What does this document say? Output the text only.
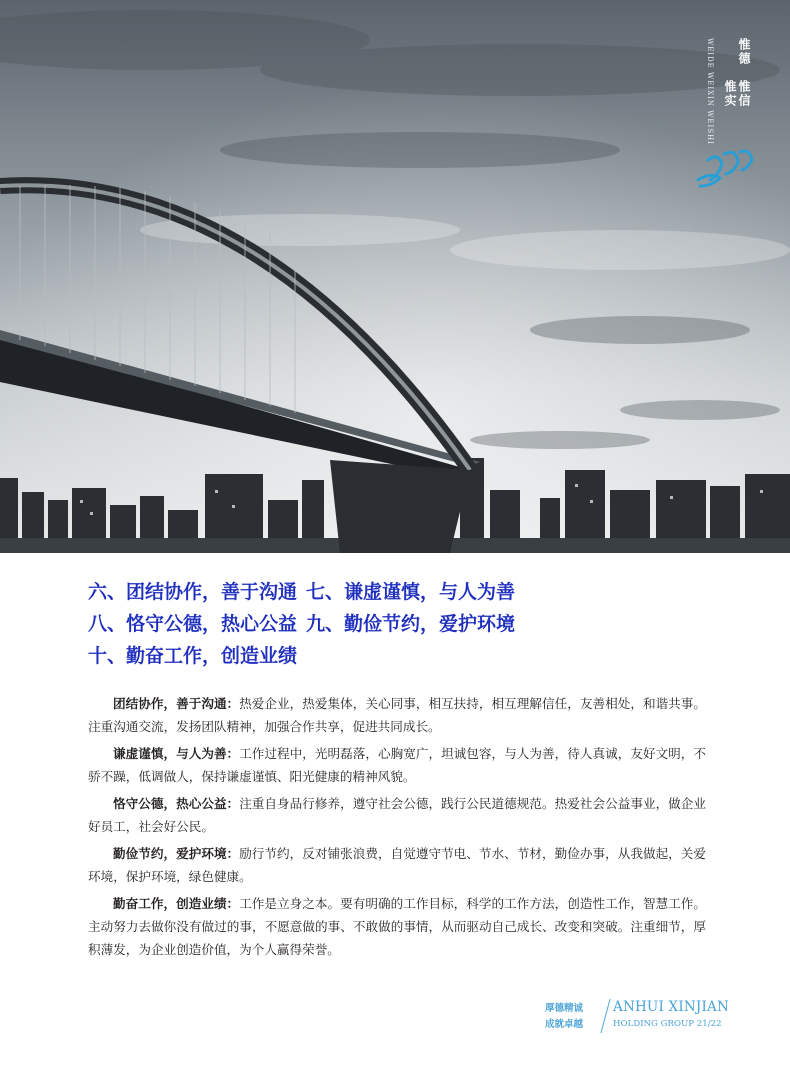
惟德
惟信
惟实
WEIDE WEIXIN WEISHI
六、团结协作，善于沟通 七、谦虚谨慎，与人为善
八、恪守公德，热心公益 九、勤俭节约，爱护环境
十、勤奋工作，创造业绩

团结协作，善于沟通：热爱企业，热爱集体，关心同事，相互扶持，相互理解信任，友善相处，和谐共事。注重沟通交流，发扬团队精神，加强合作共享，促进共同成长。

谦虚谨慎，与人为善：工作过程中，光明磊落，心胸宽广，坦诚包容，与人为善，待人真诚，友好文明，不骄不躁，低调做人，保持谦虚谨慎、阳光健康的精神风貌。

恪守公德，热心公益：注重自身品行修养，遵守社会公德，践行公民道德规范。热爱社会公益事业，做企业好员工，社会好公民。

勤俭节约，爱护环境：励行节约，反对铺张浪费，自觉遵守节电、节水、节材，勤俭办事，从我做起，关爱环境，保护环境，绿色健康。

勤奋工作，创造业绩：工作是立身之本。要有明确的工作目标，科学的工作方法，创造性工作，智慧工作。主动努力去做你没有做过的事，不愿意做的事、不敢做的事情，从而驱动自己成长、改变和突破。注重细节，厚积薄发，为企业创造价值，为个人赢得荣誉。

厚德精诚
成就卓越
ANHUI XINJIAN
HOLDING GROUP 21/22
